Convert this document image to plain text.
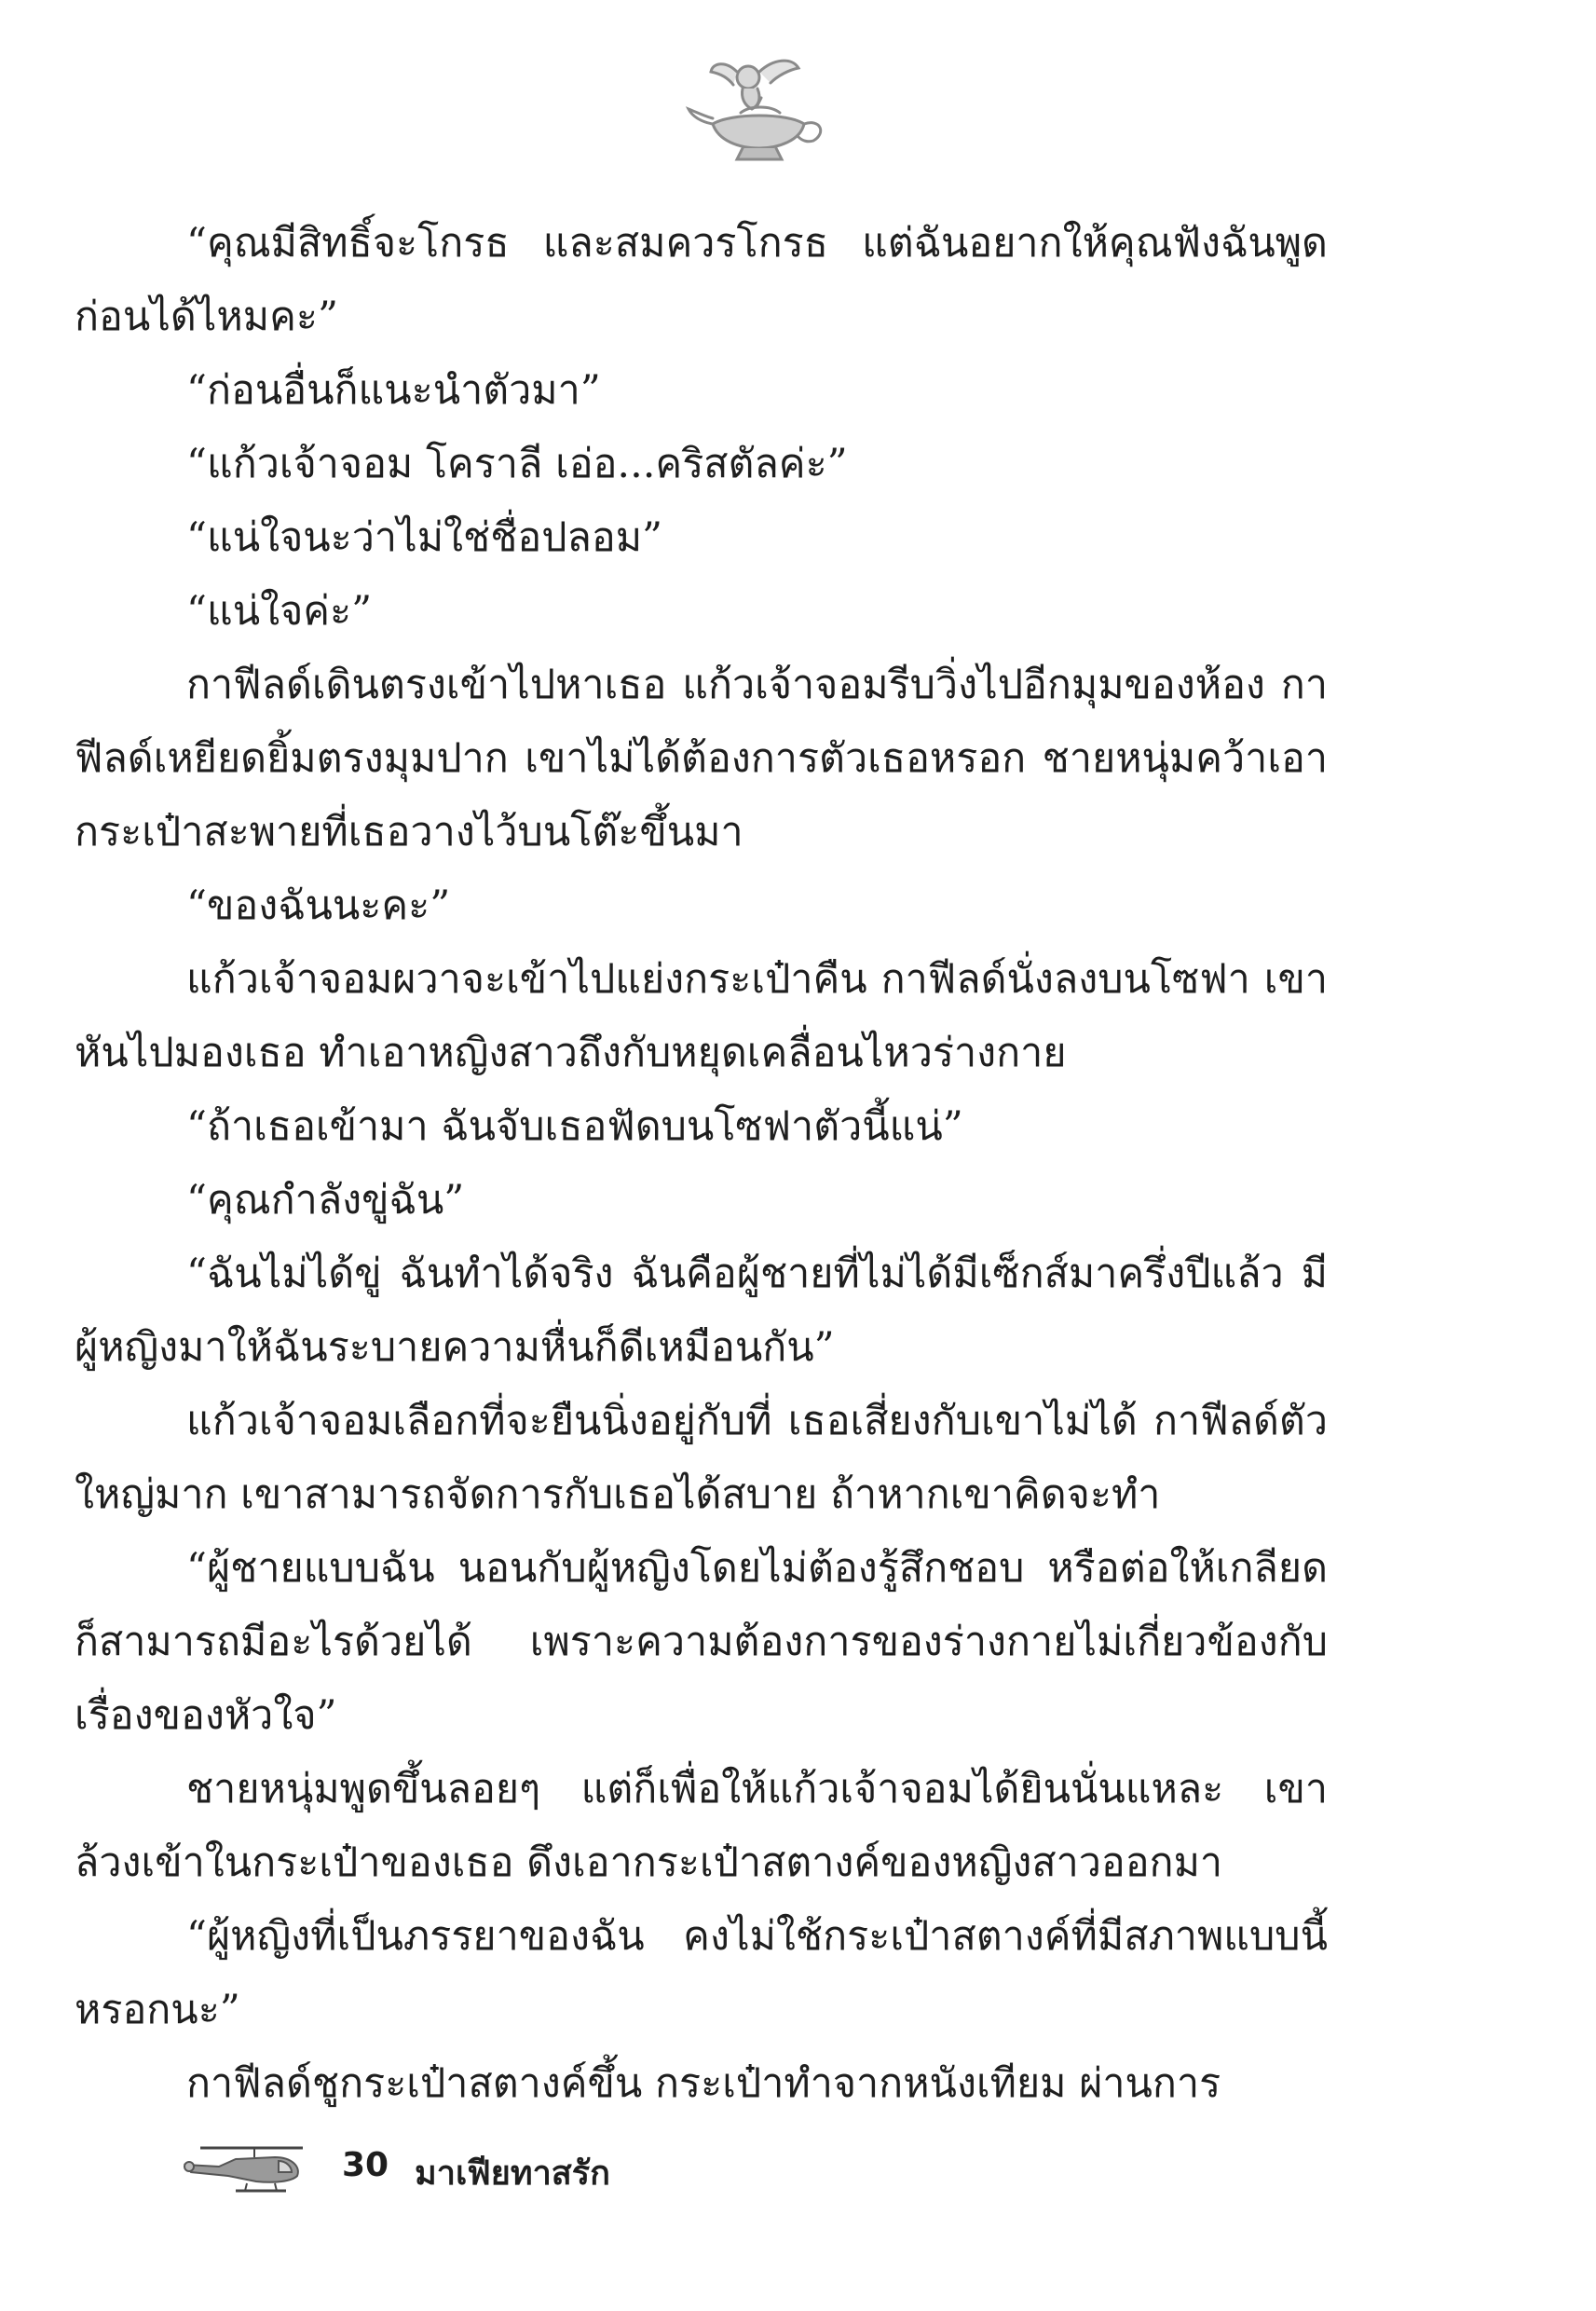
“คุณมีสิทธิ์จะโกรธ และสมควรโกรธ แต่ฉันอยากให้คุณฟังฉันพูดก่อนได้ไหมคะ”

“ก่อนอื่นก็แนะนำตัวมา”

“แก้วเจ้าจอม โคราลี เอ่อ...คริสตัลค่ะ”

“แน่ใจนะว่าไม่ใช่ชื่อปลอม”

“แน่ใจค่ะ”

กาฟีลด์เดินตรงเข้าไปหาเธอ แก้วเจ้าจอมรีบวิ่งไปอีกมุมของห้อง กาฟีลด์เหยียดยิ้มตรงมุมปาก เขาไม่ได้ต้องการตัวเธอหรอก ชายหนุ่มคว้าเอากระเป๋าสะพายที่เธอวางไว้บนโต๊ะขึ้นมา

“ของฉันนะคะ”

แก้วเจ้าจอมผวาจะเข้าไปแย่งกระเป๋าคืน กาฟีลด์นั่งลงบนโซฟา เขาหันไปมองเธอ ทำเอาหญิงสาวถึงกับหยุดเคลื่อนไหวร่างกาย

“ถ้าเธอเข้ามา ฉันจับเธอฟัดบนโซฟาตัวนี้แน่”

“คุณกำลังขู่ฉัน”

“ฉันไม่ได้ขู่ ฉันทำได้จริง ฉันคือผู้ชายที่ไม่ได้มีเซ็กส์มาครึ่งปีแล้ว มีผู้หญิงมาให้ฉันระบายความหื่นก็ดีเหมือนกัน”

แก้วเจ้าจอมเลือกที่จะยืนนิ่งอยู่กับที่ เธอเสี่ยงกับเขาไม่ได้ กาฟีลด์ตัวใหญ่มาก เขาสามารถจัดการกับเธอได้สบาย ถ้าหากเขาคิดจะทำ

“ผู้ชายแบบฉัน นอนกับผู้หญิงโดยไม่ต้องรู้สึกชอบ หรือต่อให้เกลียดก็สามารถมีอะไรด้วยได้ เพราะความต้องการของร่างกายไม่เกี่ยวข้องกับเรื่องของหัวใจ”

ชายหนุ่มพูดขึ้นลอยๆ แต่ก็เพื่อให้แก้วเจ้าจอมได้ยินนั่นแหละ เขาล้วงเข้าในกระเป๋าของเธอ ดึงเอากระเป๋าสตางค์ของหญิงสาวออกมา

“ผู้หญิงที่เป็นภรรยาของฉัน คงไม่ใช้กระเป๋าสตางค์ที่มีสภาพแบบนี้หรอกนะ”

กาฟีลด์ชูกระเป๋าสตางค์ขึ้น กระเป๋าทำจากหนังเทียม ผ่านการ

30 มาเฟียทาสรัก
